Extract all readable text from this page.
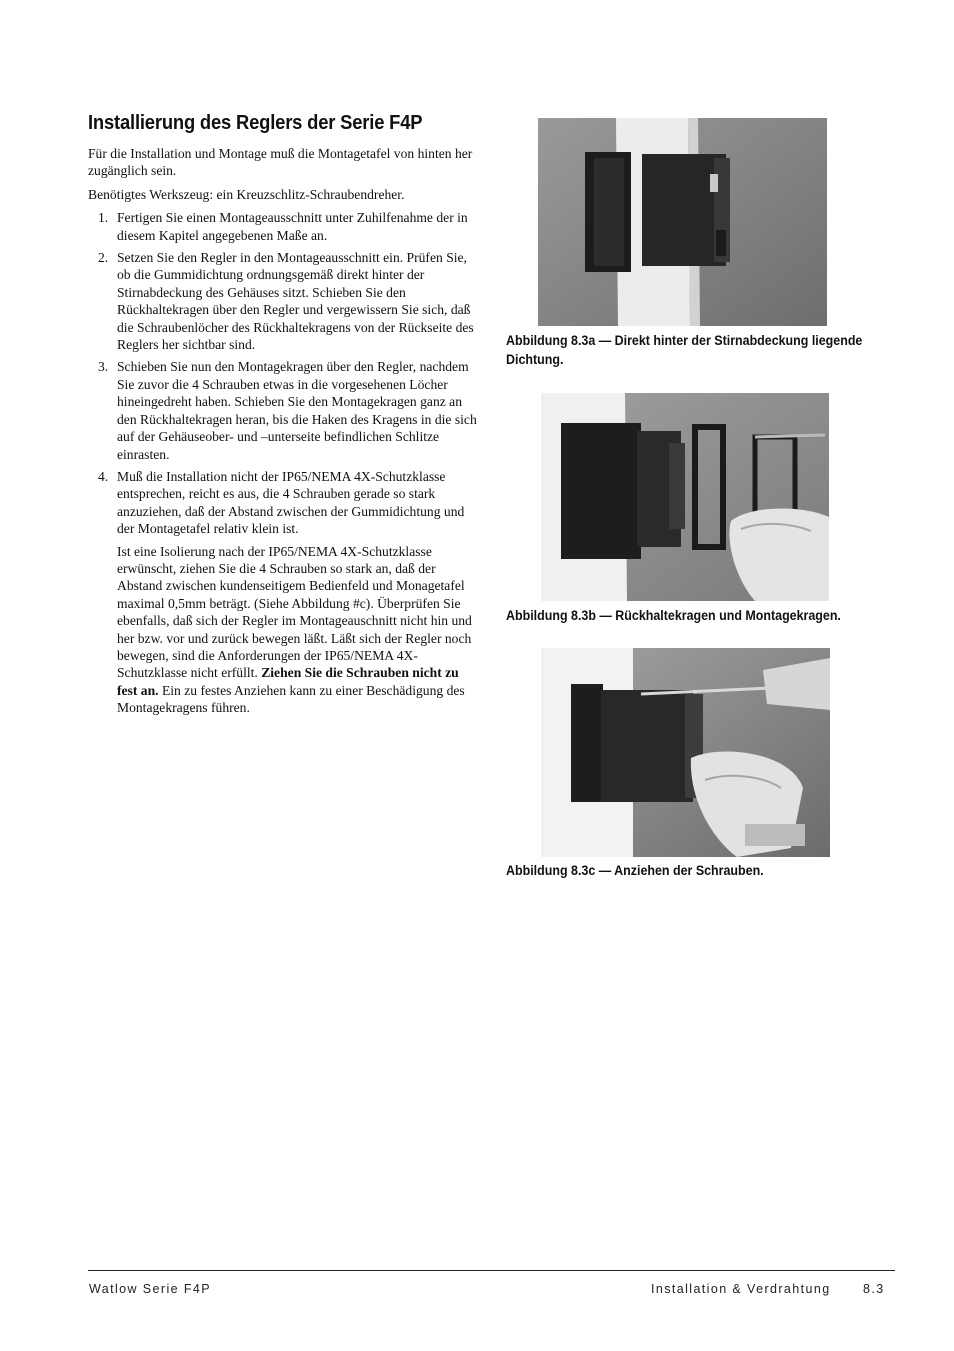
Installierung des Reglers der Serie F4P

Für die Installation und Montage muß die Montagetafel von hinten her zugänglich sein.

Benötigtes Werkszeug: ein Kreuzschlitz-Schraubendreher.

1. Fertigen Sie einen Montageausschnitt unter Zuhilfenahme der in diesem Kapitel angegebenen Maße an.
2. Setzen Sie den Regler in den Montageausschnitt ein. Prüfen Sie, ob die Gummidichtung ordnungsgemäß direkt hinter der Stirnabdeckung des Gehäuses sitzt. Schieben Sie den Rückhaltekragen über den Regler und vergewissern Sie sich, daß die Schraubenlöcher des Rückhaltekragens von der Rückseite des Reglers her sichtbar sind.
3. Schieben Sie nun den Montagekragen über den Regler, nachdem Sie zuvor die 4 Schrauben etwas in die vorgesehenen Löcher hineingedreht haben. Schieben Sie den Montagekragen ganz an den Rückhaltekragen heran, bis die Haken des Kragens in die sich auf der Gehäuseober- und –unterseite befindlichen Schlitze einrasten.
4. Muß die Installation nicht der IP65/NEMA 4X-Schutzklasse entsprechen, reicht es aus, die 4 Schrauben gerade so stark anzuziehen, daß der Abstand zwischen der Gummidichtung und der Montagetafel relativ klein ist.

Ist eine Isolierung nach der IP65/NEMA 4X-Schutzklasse erwünscht, ziehen Sie die 4 Schrauben so stark an, daß der Abstand zwischen kundenseitigem Bedienfeld und Monagetafel maximal 0,5mm beträgt. (Siehe Abbildung #c). Überprüfen Sie ebenfalls, daß sich der Regler im Montageauschnitt nicht hin und her bzw. vor und zurück bewegen läßt. Läßt sich der Regler noch bewegen, sind die Anforderungen der IP65/NEMA 4X-Schutzklasse nicht erfüllt. Ziehen Sie die Schrauben nicht zu fest an. Ein zu festes Anziehen kann zu einer Beschädigung des Montagekragens führen.

Abbildung 8.3a — Direkt hinter der Stirnabdeckung liegende Dichtung.
Abbildung 8.3b — Rückhaltekragen und Montagekragen.
Abbildung 8.3c — Anziehen der Schrauben.
Watlow Serie F4P	Installation & Verdrahtung	8.3
